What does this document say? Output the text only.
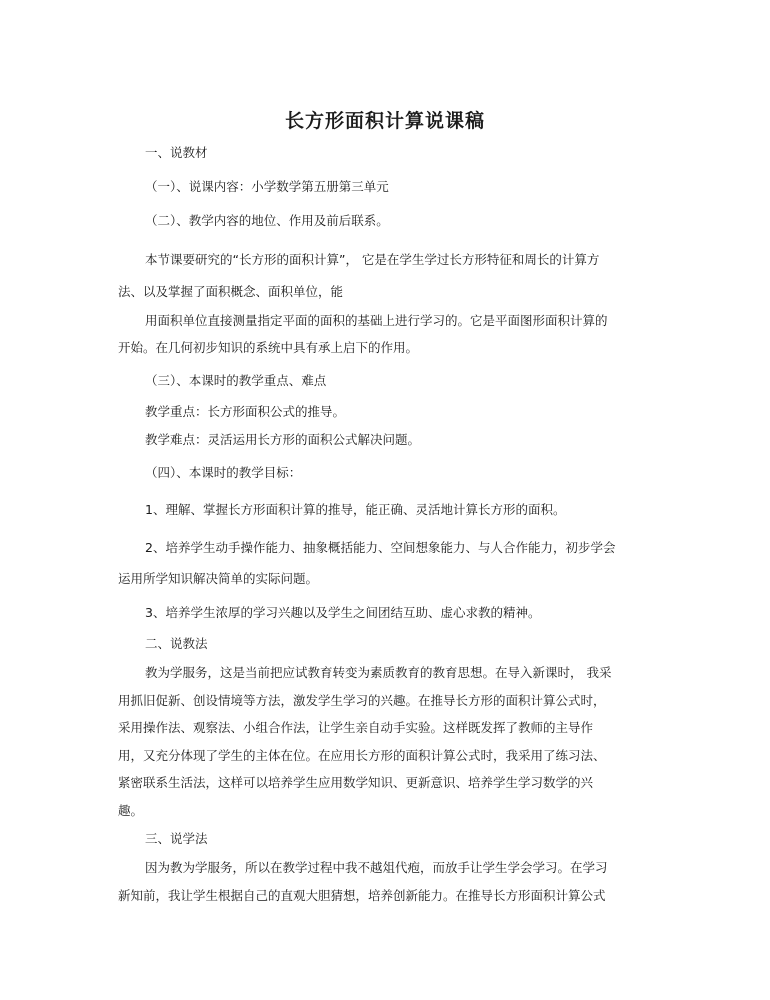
长方形面积计算说课稿

一、说教材

（一）、说课内容：小学数学第五册第三单元

（二）、教学内容的地位、作用及前后联系。

本节课要研究的“长方形的面积计算”， 它是在学生学过长方形特征和周长的计算方

法、以及掌握了面积概念、面积单位，能

用面积单位直接测量指定平面的面积的基础上进行学习的。它是平面图形面积计算的

开始。在几何初步知识的系统中具有承上启下的作用。

（三）、本课时的教学重点、难点

教学重点：长方形面积公式的推导。

教学难点：灵活运用长方形的面积公式解决问题。

（四）、本课时的教学目标：

1、理解、掌握长方形面积计算的推导，能正确、灵活地计算长方形的面积。

2、培养学生动手操作能力、抽象概括能力、空间想象能力、与人合作能力，初步学会

运用所学知识解决简单的实际问题。

3、培养学生浓厚的学习兴趣以及学生之间团结互助、虚心求教的精神。

二、说教法

教为学服务，这是当前把应试教育转变为素质教育的教育思想。在导入新课时， 我采

用抓旧促新、创设情境等方法，激发学生学习的兴趣。在推导长方形的面积计算公式时，

采用操作法、观察法、小组合作法，让学生亲自动手实验。这样既发挥了教师的主导作

用，又充分体现了学生的主体在位。在应用长方形的面积计算公式时，我采用了练习法、

紧密联系生活法，这样可以培养学生应用数学知识、更新意识、培养学生学习数学的兴

趣。

三、说学法

因为教为学服务，所以在教学过程中我不越俎代疱，而放手让学生学会学习。在学习

新知前，我让学生根据自己的直观大胆猜想，培养创新能力。在推导长方形面积计算公式
